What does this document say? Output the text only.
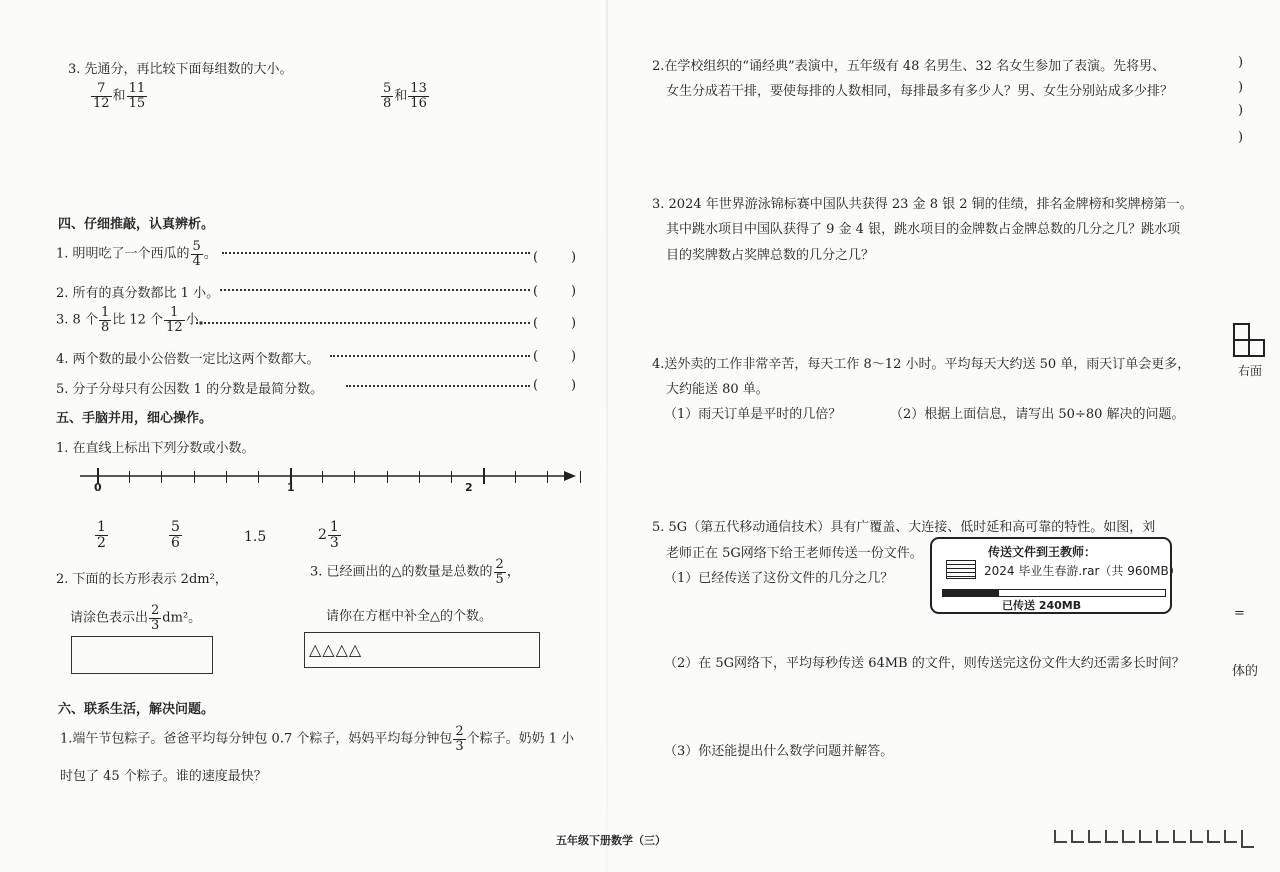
3. 先通分，再比较下面每组数的大小。
$\frac{7}{12}$ 和 $\frac{11}{15}$	$\frac{5}{8}$ 和 $\frac{13}{16}$
四、仔细推敲，认真辨析。
1. 明明吃了一个西瓜的 $\frac{5}{4}$ 。	(	)
2. 所有的真分数都比 1 小。	(	)
3. 8 个 $\frac{1}{8}$ 比 12 个 $\frac{1}{12}$ 小。	(	)
4. 两个数的最小公倍数一定比这两个数都大。	(	)
5. 分子分母只有公因数 1 的分数是最简分数。	(	)
五、手脑并用，细心操作。
1. 在直线上标出下列分数或小数。
0	1	2
$\frac{1}{2}$	$\frac{5}{6}$	1.5	$2 \frac{1}{3}$
2. 下面的长方形表示 2dm²，
请涂色表示出 $\frac{2}{3} dm^2$。
3. 已经画出的△的数量是总数的 $\frac{2}{5}$ ，
请你在方框中补全△的个数。
△△△△
六、联系生活，解决问题。
1.端午节包粽子。爸爸平均每分钟包 0.7 个粽子，妈妈平均每分钟包 $\frac{2}{3}$ 个粽子。奶奶 1 小
时包了 45 个粽子。谁的速度最快？
2.在学校组织的“诵经典”表演中，五年级有 48 名男生、32 名女生参加了表演。先将男、
女生分成若干排，要使每排的人数相同，每排最多有多少人？男、女生分别站成多少排？
3. 2024 年世界游泳锦标赛中国队共获得 23 金 8 银 2 铜的佳绩，排名金牌榜和奖牌榜第一。
其中跳水项目中国队获得了 9 金 4 银，跳水项目的金牌数占金牌总数的几分之几？跳水项
目的奖牌数占奖牌总数的几分之几？
4.送外卖的工作非常辛苦，每天工作 8～12 小时。平均每天大约送 50 单，雨天订单会更多，
大约能送 80 单。
（1）雨天订单是平时的几倍？	（2）根据上面信息，请写出 50÷80 解决的问题。
5. 5G（第五代移动通信技术）具有广覆盖、大连接、低时延和高可靠的特性。如图，刘
老师正在 5G网络下给王老师传送一份文件。
（1）已经传送了这份文件的几分之几？
传送文件到王教师：
2024 毕业生春游.rar（共 960MB）
已传送 240MB
（2）在 5G网络下，平均每秒传送 64MB 的文件，则传送完这份文件大约还需多长时间？
（3）你还能提出什么数学问题并解答。
)
)
)
)
右面
=
体的
五年级下册数学（三）
